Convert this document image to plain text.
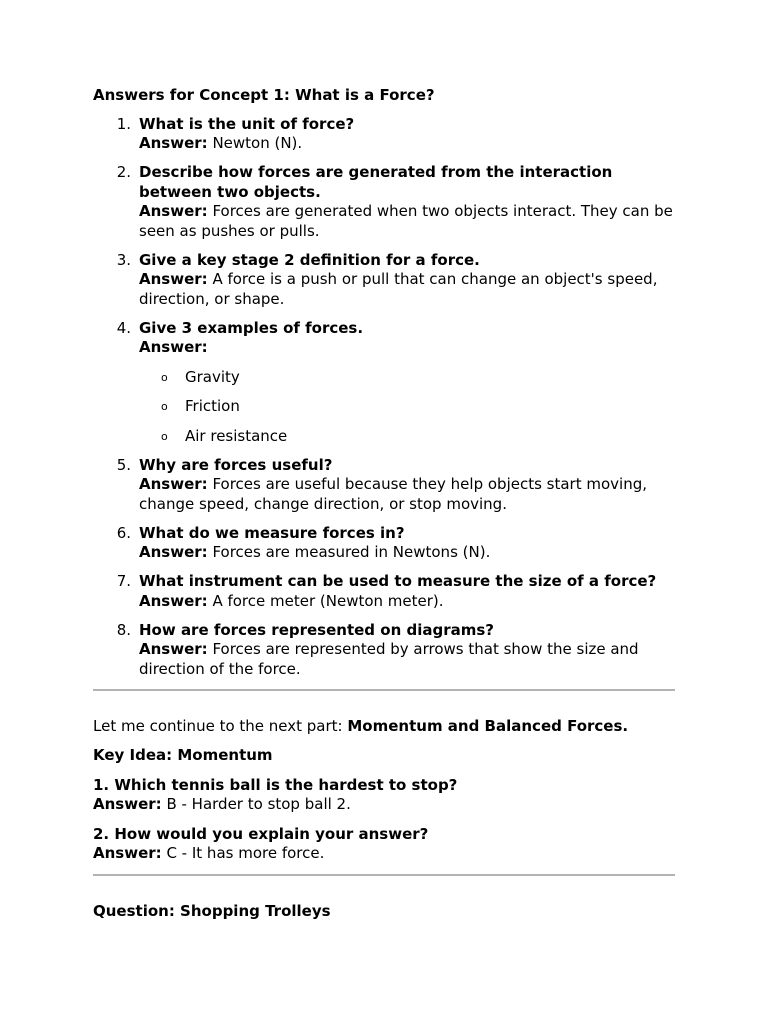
Answers for Concept 1: What is a Force?

1. What is the unit of force?
Answer: Newton (N).
2. Describe how forces are generated from the interaction between two objects.
Answer: Forces are generated when two objects interact. They can be seen as pushes or pulls.
3. Give a key stage 2 definition for a force.
Answer: A force is a push or pull that can change an object's speed, direction, or shape.
4. Give 3 examples of forces.
Answer:
o Gravity
o Friction
o Air resistance
5. Why are forces useful?
Answer: Forces are useful because they help objects start moving, change speed, change direction, or stop moving.
6. What do we measure forces in?
Answer: Forces are measured in Newtons (N).
7. What instrument can be used to measure the size of a force?
Answer: A force meter (Newton meter).
8. How are forces represented on diagrams?
Answer: Forces are represented by arrows that show the size and direction of the force.

Let me continue to the next part: Momentum and Balanced Forces.

Key Idea: Momentum

1. Which tennis ball is the hardest to stop?
Answer: B - Harder to stop ball 2.

2. How would you explain your answer?
Answer: C - It has more force.

Question: Shopping Trolleys
